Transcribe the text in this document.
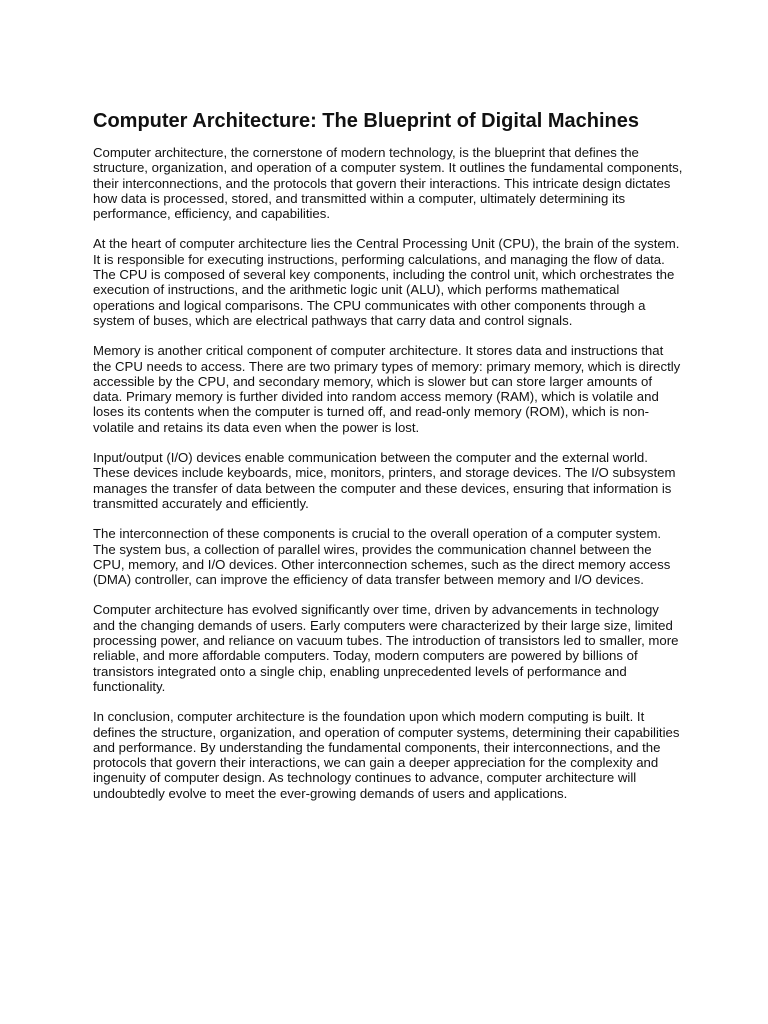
Computer Architecture: The Blueprint of Digital Machines

Computer architecture, the cornerstone of modern technology, is the blueprint that defines the structure, organization, and operation of a computer system. It outlines the fundamental components, their interconnections, and the protocols that govern their interactions. This intricate design dictates how data is processed, stored, and transmitted within a computer, ultimately determining its performance, efficiency, and capabilities.

At the heart of computer architecture lies the Central Processing Unit (CPU), the brain of the system. It is responsible for executing instructions, performing calculations, and managing the flow of data. The CPU is composed of several key components, including the control unit, which orchestrates the execution of instructions, and the arithmetic logic unit (ALU), which performs mathematical operations and logical comparisons. The CPU communicates with other components through a system of buses, which are electrical pathways that carry data and control signals.

Memory is another critical component of computer architecture. It stores data and instructions that the CPU needs to access. There are two primary types of memory: primary memory, which is directly accessible by the CPU, and secondary memory, which is slower but can store larger amounts of data. Primary memory is further divided into random access memory (RAM), which is volatile and loses its contents when the computer is turned off, and read-only memory (ROM), which is non-volatile and retains its data even when the power is lost.

Input/output (I/O) devices enable communication between the computer and the external world. These devices include keyboards, mice, monitors, printers, and storage devices. The I/O subsystem manages the transfer of data between the computer and these devices, ensuring that information is transmitted accurately and efficiently.

The interconnection of these components is crucial to the overall operation of a computer system. The system bus, a collection of parallel wires, provides the communication channel between the CPU, memory, and I/O devices. Other interconnection schemes, such as the direct memory access (DMA) controller, can improve the efficiency of data transfer between memory and I/O devices.

Computer architecture has evolved significantly over time, driven by advancements in technology and the changing demands of users. Early computers were characterized by their large size, limited processing power, and reliance on vacuum tubes. The introduction of transistors led to smaller, more reliable, and more affordable computers. Today, modern computers are powered by billions of transistors integrated onto a single chip, enabling unprecedented levels of performance and functionality.

In conclusion, computer architecture is the foundation upon which modern computing is built. It defines the structure, organization, and operation of computer systems, determining their capabilities and performance. By understanding the fundamental components, their interconnections, and the protocols that govern their interactions, we can gain a deeper appreciation for the complexity and ingenuity of computer design. As technology continues to advance, computer architecture will undoubtedly evolve to meet the ever-growing demands of users and applications.
